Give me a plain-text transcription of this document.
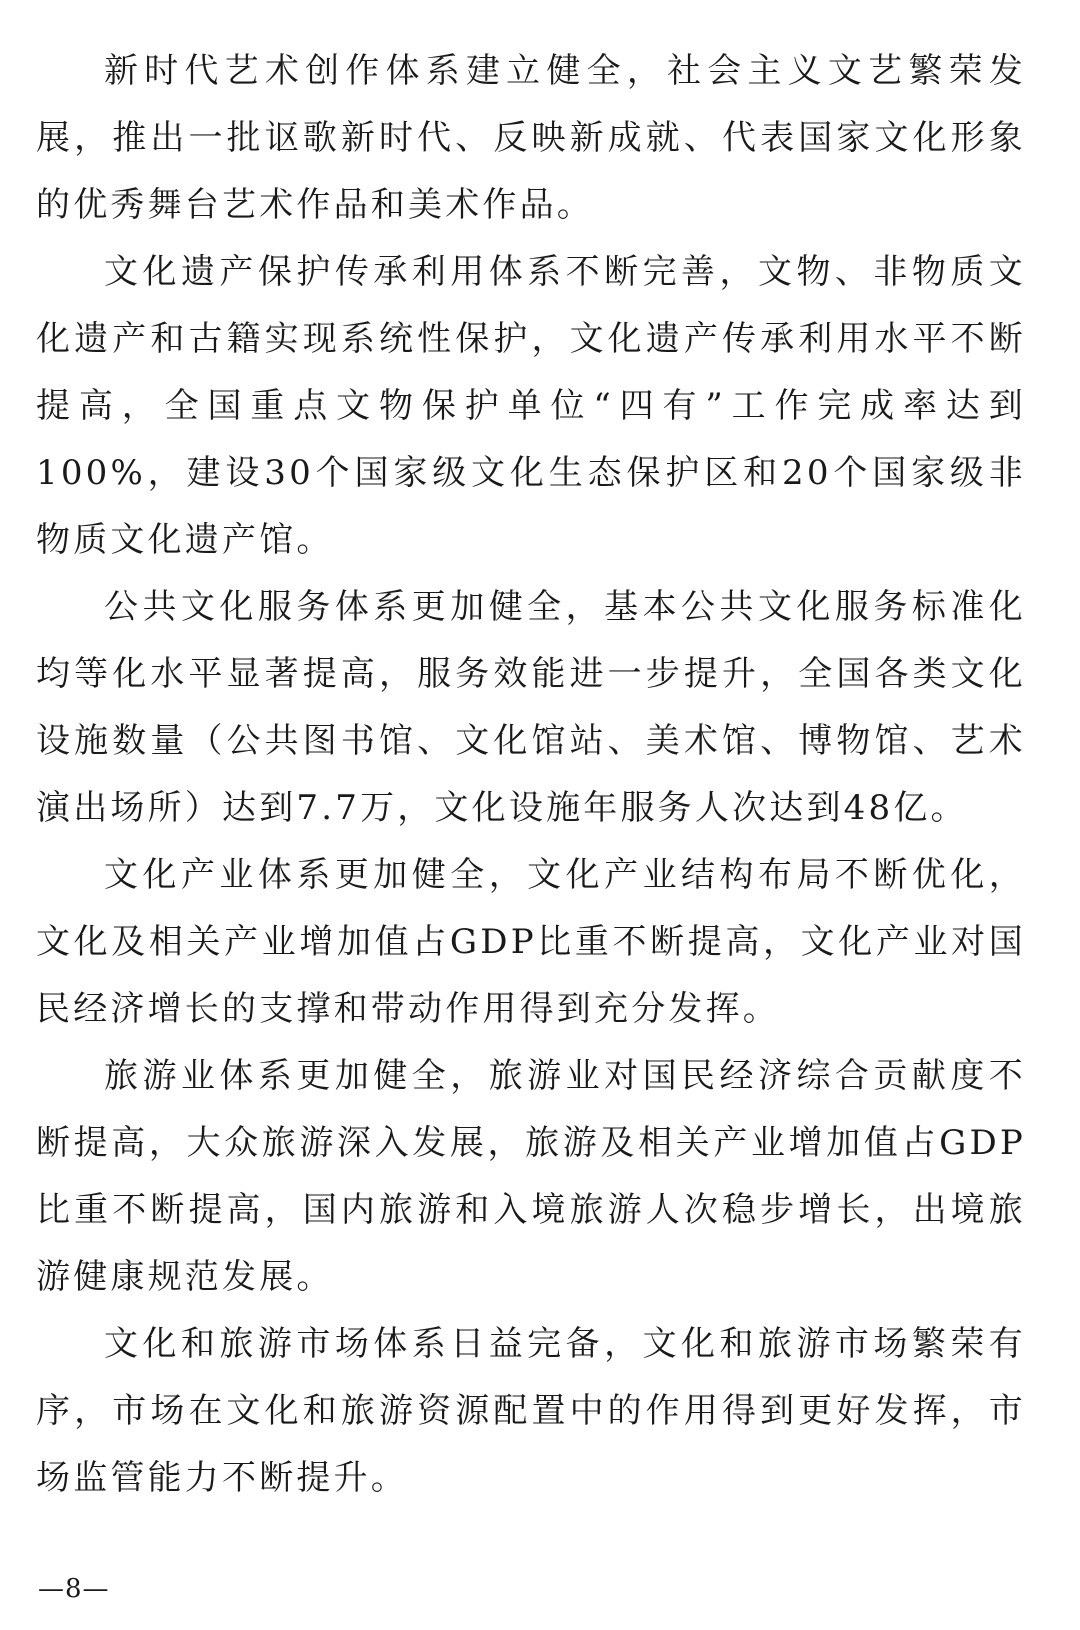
新时代艺术创作体系建立健全，社会主义文艺繁荣发展，推出一批讴歌新时代、反映新成就、代表国家文化形象的优秀舞台艺术作品和美术作品。

文化遗产保护传承利用体系不断完善，文物、非物质文化遗产和古籍实现系统性保护，文化遗产传承利用水平不断提高，全国重点文物保护单位“四有”工作完成率达到100%，建设30个国家级文化生态保护区和20个国家级非物质文化遗产馆。

公共文化服务体系更加健全，基本公共文化服务标准化均等化水平显著提高，服务效能进一步提升，全国各类文化设施数量（公共图书馆、文化馆站、美术馆、博物馆、艺术演出场所）达到7.7万，文化设施年服务人次达到48亿。

文化产业体系更加健全，文化产业结构布局不断优化，文化及相关产业增加值占GDP比重不断提高，文化产业对国民经济增长的支撑和带动作用得到充分发挥。

旅游业体系更加健全，旅游业对国民经济综合贡献度不断提高，大众旅游深入发展，旅游及相关产业增加值占GDP比重不断提高，国内旅游和入境旅游人次稳步增长，出境旅游健康规范发展。

文化和旅游市场体系日益完备，文化和旅游市场繁荣有序，市场在文化和旅游资源配置中的作用得到更好发挥，市场监管能力不断提升。

—8—
